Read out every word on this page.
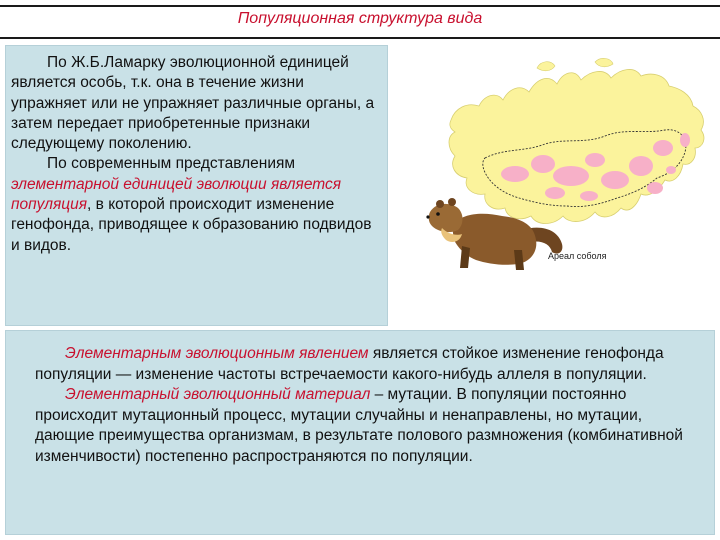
Популяционная структура вида

По Ж.Б.Ламарку эволюционной единицей является особь, т.к. она в течение жизни упражняет или не упражняет различные органы, а затем передает приобретенные признаки следующему поколению.

По современным представлениям элементарной единицей эволюции является популяция, в которой происходит изменение генофонда, приводящее к образованию подвидов и видов.

Ареал соболя

Элементарным эволюционным явлением является стойкое изменение генофонда популяции — изменение частоты встречаемости какого-нибудь аллеля в популяции.

Элементарный эволюционный материал – мутации. В популяции постоянно происходит мутационный процесс, мутации случайны и ненаправлены, но мутации, дающие преимущества организмам, в результате полового размножения (комбинативной изменчивости) постепенно распространяются по популяции.
